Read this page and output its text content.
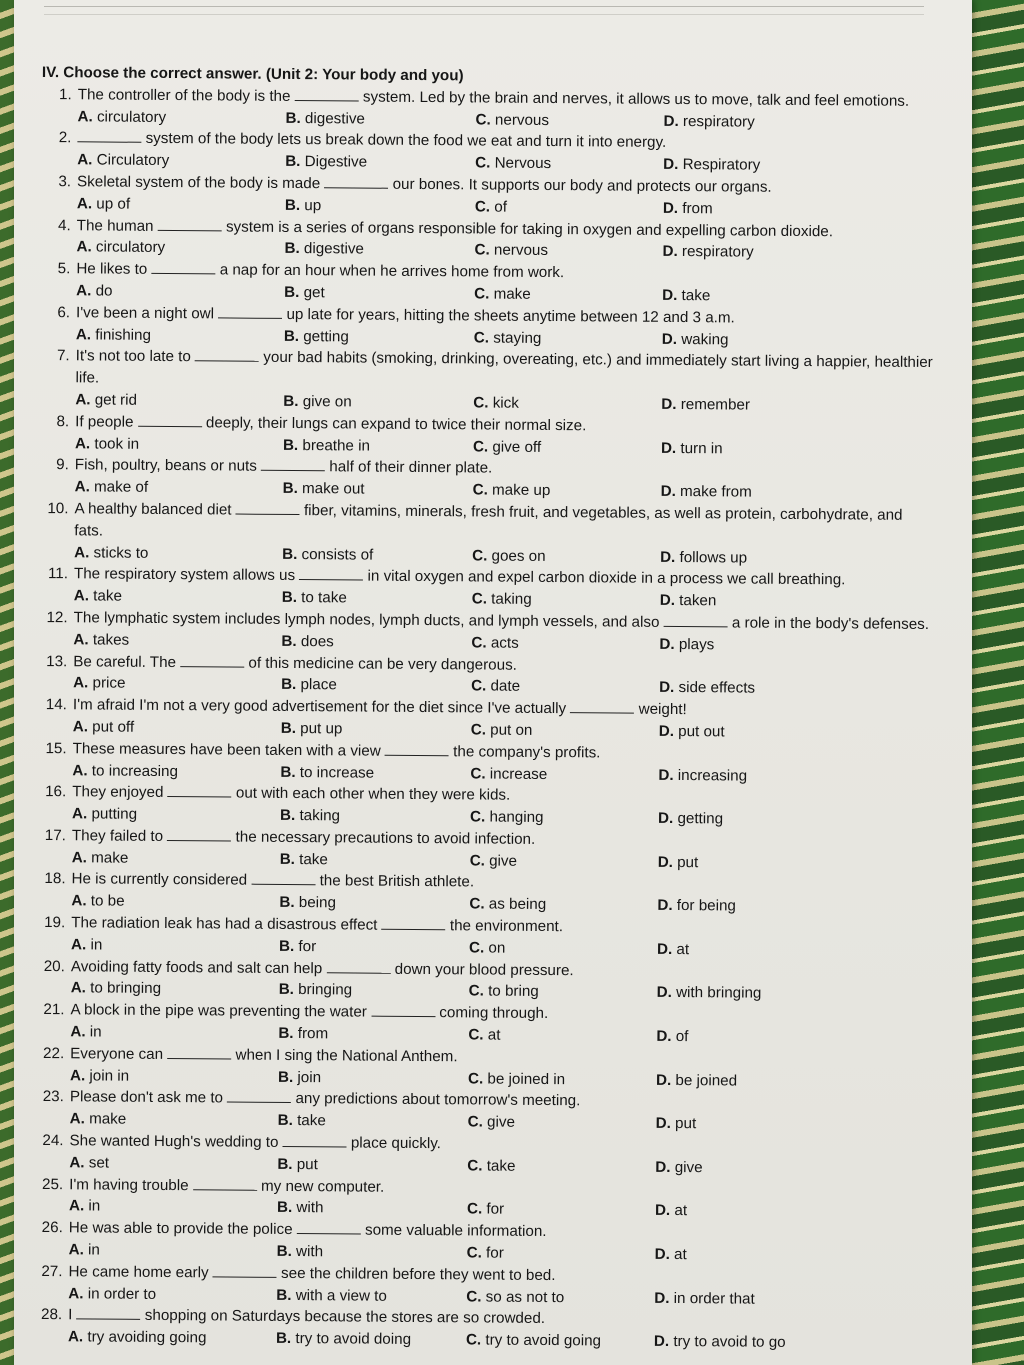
IV. Choose the correct answer. (Unit 2: Your body and you)
1. The controller of the body is the	system. Led by the brain and nerves, it allows us to move, talk and feel emotions.
A. circulatory	B. digestive	C. nervous	D. respiratory
2.	system of the body lets us break down the food we eat and turn it into energy.
A. Circulatory	B. Digestive	C. Nervous	D. Respiratory
3. Skeletal system of the body is made	our bones. It supports our body and protects our organs.
A. up of	B. up	C. of	D. from
4. The human	system is a series of organs responsible for taking in oxygen and expelling carbon dioxide.
A. circulatory	B. digestive	C. nervous	D. respiratory
5. He likes to	a nap for an hour when he arrives home from work.
A. do	B. get	C. make	D. take
6. I've been a night owl	up late for years, hitting the sheets anytime between 12 and 3 a.m.
A. finishing	B. getting	C. staying	D. waking
7. It's not too late to	your bad habits (smoking, drinking, overeating, etc.) and immediately start living a happier, healthier life.
A. get rid	B. give on	C. kick	D. remember
8. If people	deeply, their lungs can expand to twice their normal size.
A. took in	B. breathe in	C. give off	D. turn in
9. Fish, poultry, beans or nuts	half of their dinner plate.
A. make of	B. make out	C. make up	D. make from
10. A healthy balanced diet	fiber, vitamins, minerals, fresh fruit, and vegetables, as well as protein, carbohydrate, and fats.
A. sticks to	B. consists of	C. goes on	D. follows up
11. The respiratory system allows us	in vital oxygen and expel carbon dioxide in a process we call breathing.
A. take	B. to take	C. taking	D. taken
12. The lymphatic system includes lymph nodes, lymph ducts, and lymph vessels, and also	a role in the body's defenses.
A. takes	B. does	C. acts	D. plays
13. Be careful. The	of this medicine can be very dangerous.
A. price	B. place	C. date	D. side effects
14. I'm afraid I'm not a very good advertisement for the diet since I've actually	weight!
A. put off	B. put up	C. put on	D. put out
15. These measures have been taken with a view	the company's profits.
A. to increasing	B. to increase	C. increase	D. increasing
16. They enjoyed	out with each other when they were kids.
A. putting	B. taking	C. hanging	D. getting
17. They failed to	the necessary precautions to avoid infection.
A. make	B. take	C. give	D. put
18. He is currently considered	the best British athlete.
A. to be	B. being	C. as being	D. for being
19. The radiation leak has had a disastrous effect	the environment.
A. in	B. for	C. on	D. at
20. Avoiding fatty foods and salt can help	down your blood pressure.
A. to bringing	B. bringing	C. to bring	D. with bringing
21. A block in the pipe was preventing the water	coming through.
A. in	B. from	C. at	D. of
22. Everyone can	when I sing the National Anthem.
A. join in	B. join	C. be joined in	D. be joined
23. Please don't ask me to	any predictions about tomorrow's meeting.
A. make	B. take	C. give	D. put
24. She wanted Hugh's wedding to	place quickly.
A. set	B. put	C. take	D. give
25. I'm having trouble	my new computer.
A. in	B. with	C. for	D. at
26. He was able to provide the police	some valuable information.
A. in	B. with	C. for	D. at
27. He came home early	see the children before they went to bed.
A. in order to	B. with a view to	C. so as not to	D. in order that
28. I	shopping on Saturdays because the stores are so crowded.
A. try avoiding going	B. try to avoid doing	C. try to avoid going	D. try to avoid to go
